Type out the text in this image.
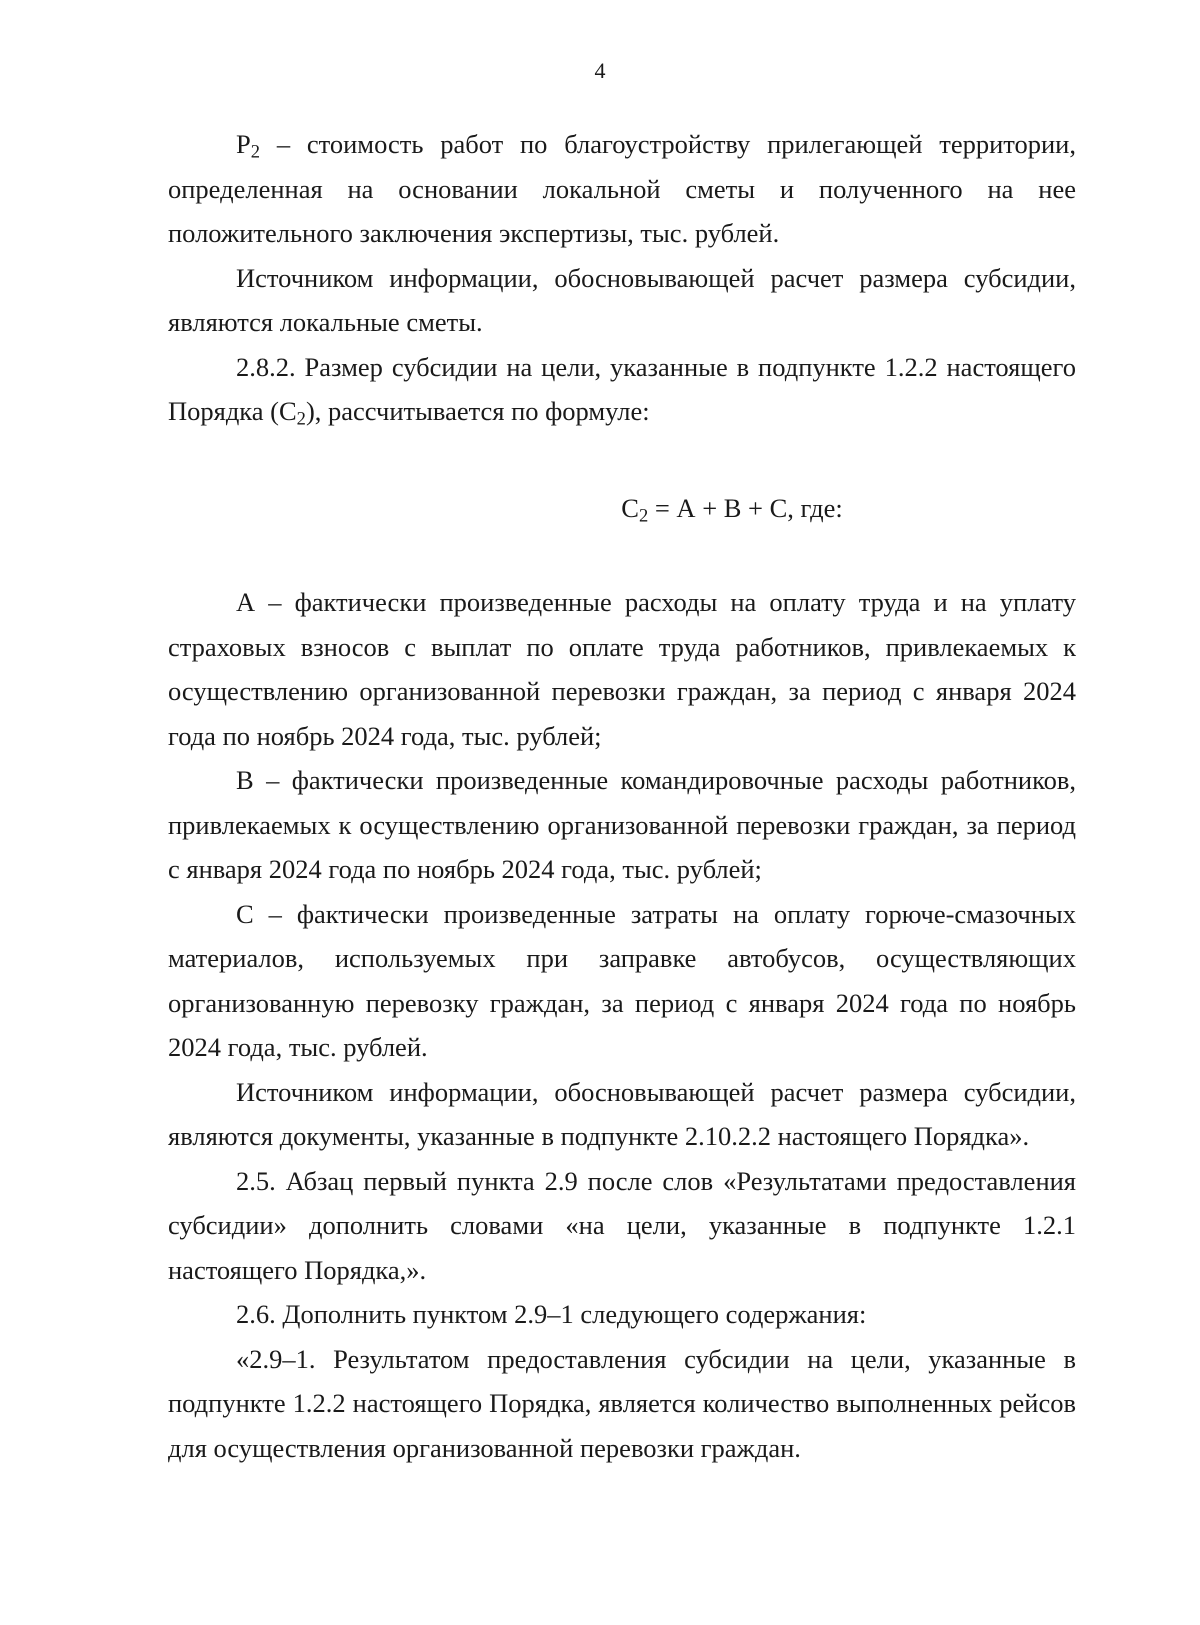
4

$P_2$ – стоимость работ по благоустройству прилегающей территории, определенная на основании локальной сметы и полученного на нее положительного заключения экспертизы, тыс. рублей.

Источником информации, обосновывающей расчет размера субсидии, являются локальные сметы.

2.8.2. Размер субсидии на цели, указанные в подпункте 1.2.2 настоящего Порядка $(С_2)$, рассчитывается по формуле:

$С_2 = А + В + С$, где:

А – фактически произведенные расходы на оплату труда и на уплату страховых взносов с выплат по оплате труда работников, привлекаемых к осуществлению организованной перевозки граждан, за период с января 2024 года по ноябрь 2024 года, тыс. рублей;

В – фактически произведенные командировочные расходы работников, привлекаемых к осуществлению организованной перевозки граждан, за период с января 2024 года по ноябрь 2024 года, тыс. рублей;

С – фактически произведенные затраты на оплату горюче-смазочных материалов, используемых при заправке автобусов, осуществляющих организованную перевозку граждан, за период с января 2024 года по ноябрь 2024 года, тыс. рублей.

Источником информации, обосновывающей расчет размера субсидии, являются документы, указанные в подпункте 2.10.2.2 настоящего Порядка».

2.5. Абзац первый пункта 2.9 после слов «Результатами предоставления субсидии» дополнить словами «на цели, указанные в подпункте 1.2.1 настоящего Порядка,».

2.6. Дополнить пунктом 2.9–1 следующего содержания:

«2.9–1. Результатом предоставления субсидии на цели, указанные в подпункте 1.2.2 настоящего Порядка, является количество выполненных рейсов для осуществления организованной перевозки граждан.
